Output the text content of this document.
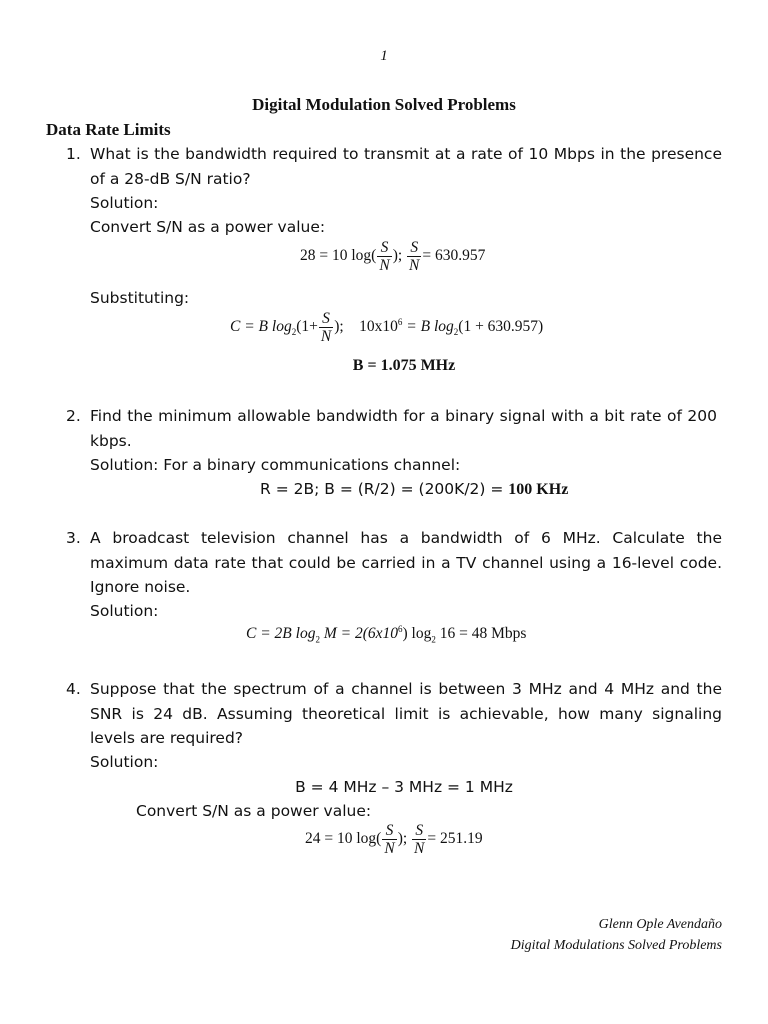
1
Digital Modulation Solved Problems
Data Rate Limits
1. What is the bandwidth required to transmit at a rate of 10 Mbps in the presence
of a 28-dB S/N ratio?
Solution:
Convert S/N as a power value:
28 = 10 $\log( \frac{S}{N}$ ); $\frac{S}{N} = 630.957$
Substituting:
C = B $\log_2(1+ \frac{S}{N}$ ); $10x10^6 = B$ $\log_2(1 + 630.957)$
B = 1.075 MHz
2. Find the minimum allowable bandwidth for a binary signal with a bit rate of 200
kbps.
Solution: For a binary communications channel:
R = 2B; B = (R/2) = (200K/2) = 100 KHz
3. A broadcast television channel has a bandwidth of 6 MHz. Calculate the
maximum data rate that could be carried in a TV channel using a 16-level code.
Ignore noise.
Solution:
C = 2B $\log_2 M = 2(6x10^6)$ $\log_2 16 = 48$ Mbps
4. Suppose that the spectrum of a channel is between 3 MHz and 4 MHz and the
SNR is 24 dB. Assuming theoretical limit is achievable, how many signaling
levels are required?
Solution:
B = 4 MHz – 3 MHz = 1 MHz
Convert S/N as a power value:
24 = 10 $\log( \frac{S}{N}$ ); $\frac{S}{N} = 251.19$
Glenn Ople Avendaño
Digital Modulations Solved Problems
